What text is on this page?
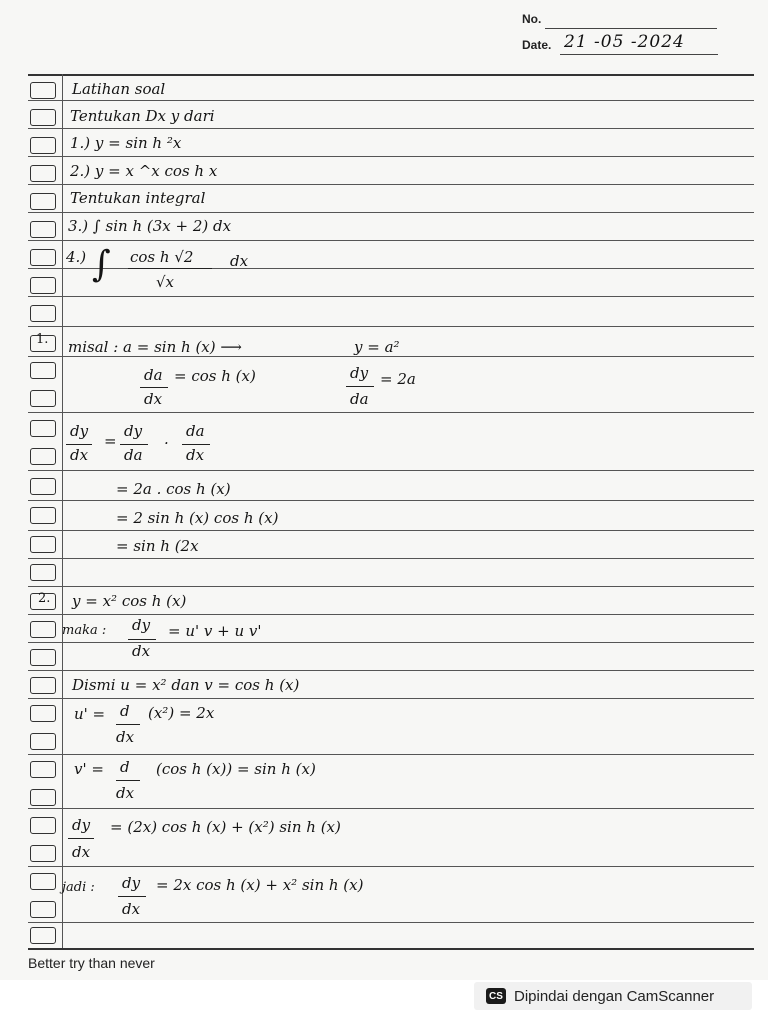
No.
Date. 21 -05 -2024
Latihan soal
Tentukan Dx y dari
1.) y = sin h ²x
2.) y = x ^x cos h x
Tentukan integral
3.) ∫ sin h (3x + 2) dx
4.) ∫ cos h √2
√x
dx
1. misal : a = sin h (x) ⟶	y = a²
da
dx
= cos h (x)	dy
da
= 2a
dy
dx
=
dy
da
. da
dx
= 2a . cos h (x)
= 2 sin h (x) cos h (x)
= sin h (2x
2. y = x² cos h (x)
maka : dy
dx
= u' v + u v'
Dismi u = x² dan v = cos h (x)
u' = d
dx
(x²) = 2x
v' = d
dx
(cos h (x)) = sin h (x)
dy
dx
= (2x) cos h (x) + (x²) sin h (x)
jadi : dy
dx
= 2x cos h (x) + x² sin h (x)
Better try than never
CS Dipindai dengan CamScanner
